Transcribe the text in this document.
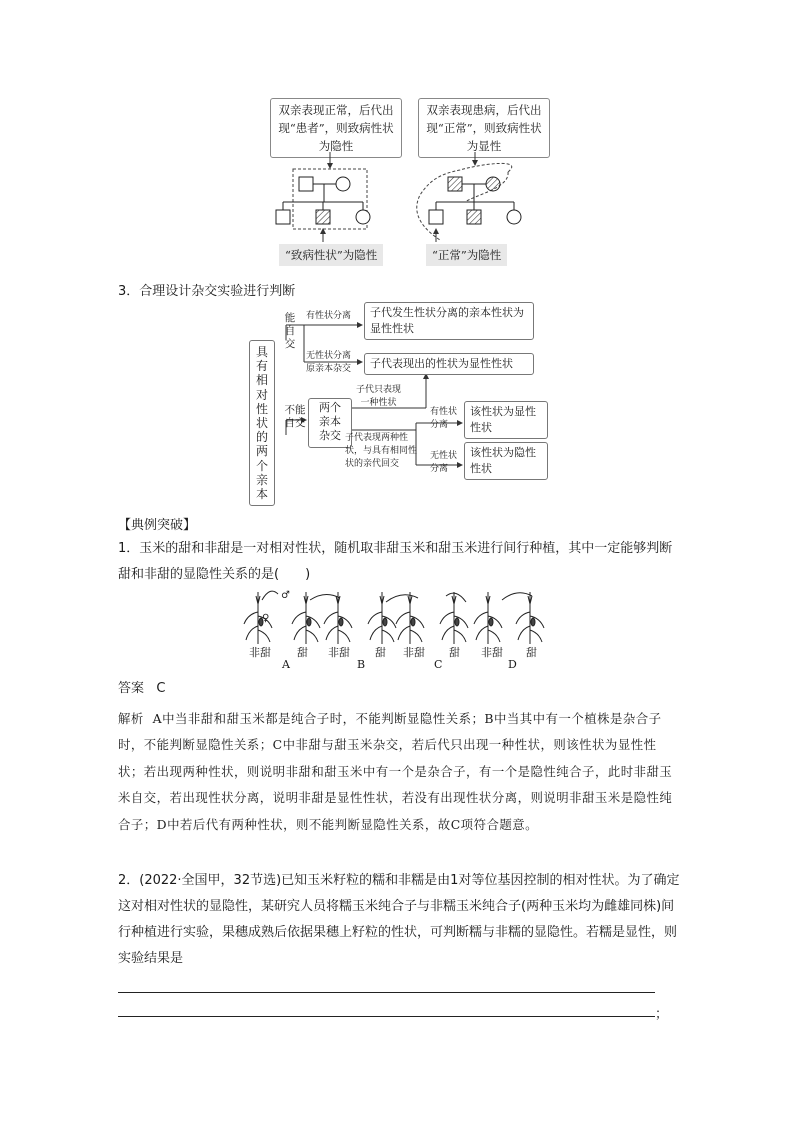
双亲表现正常，后代出现“患者”，则致病性状为隐性
双亲表现患病，后代出现“正常”，则致病性状为显性
“致病性状”为隐性	“正常”为隐性
3．合理设计杂交实验进行判断
具有相对性状的两个亲本
能自交
不能自交
有性状分离
无性状分离
原亲本杂交
子代发生性状分离的亲本性状为显性性状
子代表现出的性状为显性性状
两个亲本杂交
子代只表现
一种性状
子代表现两种性状，与具有相同性状的亲代回交
有性状
分离
无性状
分离
该性状为显性性状
该性状为隐性性状
【典例突破】
1．玉米的甜和非甜是一对相对性状，随机取非甜玉米和甜玉米进行间行种植，其中一定能够判断甜和非甜的显隐性关系的是(　　)
♂
♀
非甜 甜 非甜 甜 非甜 甜 非甜 甜
A	B	C	D
答案 C
解析 A中当非甜和甜玉米都是纯合子时，不能判断显隐性关系；B中当其中有一个植株是杂合子时，不能判断显隐性关系；C中非甜与甜玉米杂交，若后代只出现一种性状，则该性状为显性性状；若出现两种性状，则说明非甜和甜玉米中有一个是杂合子，有一个是隐性纯合子，此时非甜玉米自交，若出现性状分离，说明非甜是显性性状，若没有出现性状分离，则说明非甜玉米是隐性纯合子；D中若后代有两种性状，则不能判断显隐性关系，故C项符合题意。
2．(2022·全国甲，32节选)已知玉米籽粒的糯和非糯是由1对等位基因控制的相对性状。为了确定这对相对性状的显隐性，某研究人员将糯玉米纯合子与非糯玉米纯合子(两种玉米均为雌雄同株)间行种植进行实验，果穗成熟后依据果穗上籽粒的性状，可判断糯与非糯的显隐性。若糯是显性，则实验结果是
；
